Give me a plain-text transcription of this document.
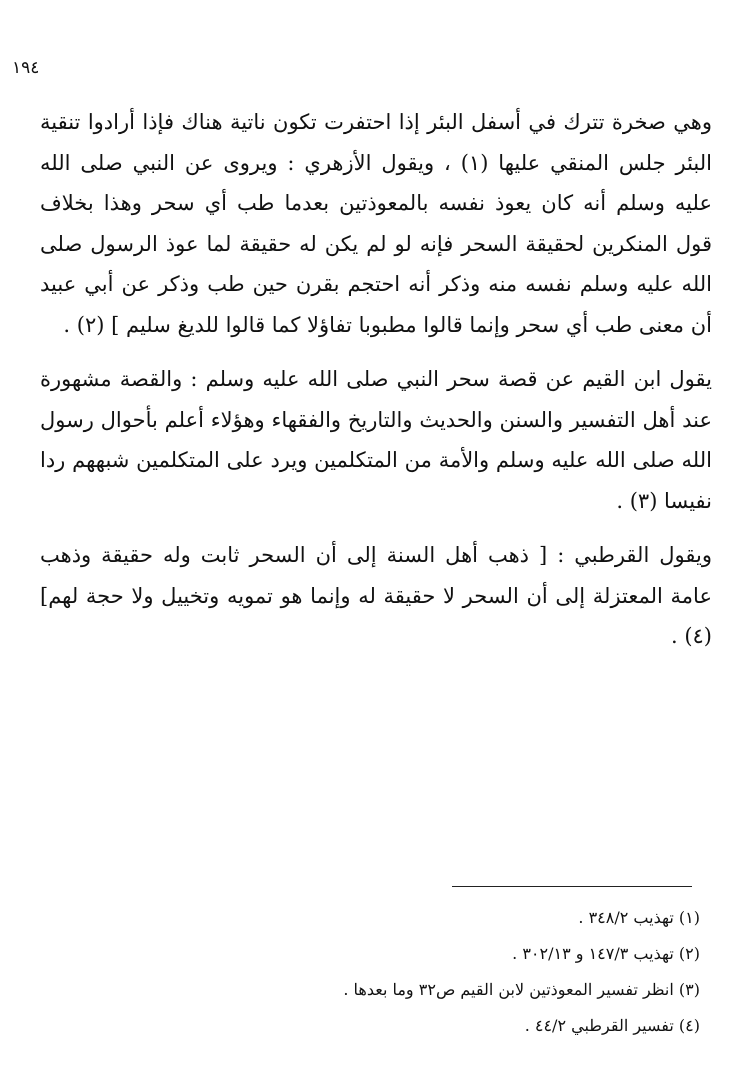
١٩٤

وهي صخرة تترك في أسفل البئر إذا احتفرت تكون ناتية هناك فإذا أرادوا تنقية البئر جلس المنقي عليها (١) ، ويقول الأزهري : ويروى عن النبي صلى الله عليه وسلم أنه كان يعوذ نفسه بالمعوذتين بعدما طب أي سحر وهذا بخلاف قول المنكرين لحقيقة السحر فإنه لو لم يكن له حقيقة لما عوذ الرسول صلى الله عليه وسلم نفسه منه وذكر أنه احتجم بقرن حين طب وذكر عن أبي عبيد أن معنى طب أي سحر وإنما قالوا مطبوبا تفاؤلا كما قالوا للديغ سليم ] (٢) .

يقول ابن القيم عن قصة سحر النبي صلى الله عليه وسلم : والقصة مشهورة عند أهل التفسير والسنن والحديث والتاريخ والفقهاء وهؤلاء أعلم بأحوال رسول الله صلى الله عليه وسلم والأمة من المتكلمين ويرد على المتكلمين شبههم ردا نفيسا (٣) .

ويقول القرطبي : [ ذهب أهل السنة إلى أن السحر ثابت وله حقيقة وذهب عامة المعتزلة إلى أن السحر لا حقيقة له وإنما هو تمويه وتخييل ولا حجة لهم](٤) .

(١) تهذيب ٣٤٨/٢ .

(٢) تهذيب ١٤٧/٣ و ٣٠٢/١٣ .

(٣) انظر تفسير المعوذتين لابن القيم ص٣٢ وما بعدها .

(٤) تفسير القرطبي ٤٤/٢ .
